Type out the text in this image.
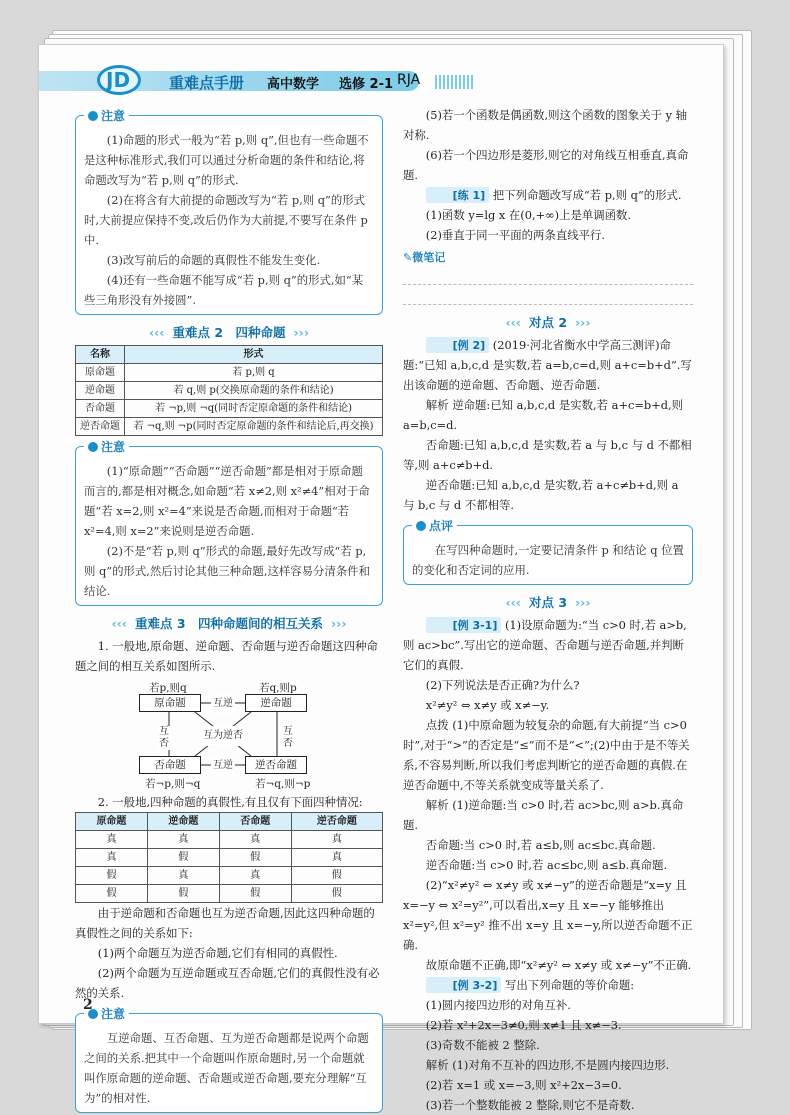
JD	重难点手册 高中数学 选修 2-1 RJA
注意

(1)命题的形式一般为“若 p,则 q”,但也有一些命题不是这种标准形式,我们可以通过分析命题的条件和结论,将命题改写为“若 p,则 q”的形式.

(2)在将含有大前提的命题改写为“若 p,则 q”的形式时,大前提应保持不变,改后仍作为大前提,不要写在条件 p 中.

(3)改写前后的命题的真假性不能发生变化.

(4)还有一些命题不能写成“若 p,则 q”的形式,如“某些三角形没有外接圆”.

‹‹‹ 重难点 2　四种命题 ›››
名称	形式
原命题	若 p,则 q
逆命题	若 q,则 p(交换原命题的条件和结论)
否命题	若 ¬p,则 ¬q(同时否定原命题的条件和结论)
逆否命题	若 ¬q,则 ¬p(同时否定原命题的条件和结论后,再交换)
注意

(1)“原命题”“否命题”“逆否命题”都是相对于原命题而言的,都是相对概念,如命题“若 x≠2,则 x²≠4”相对于命题“若 x=2,则 x²=4”来说是否命题,而相对于命题“若 x²=4,则 x=2”来说则是逆否命题.

(2)不是“若 p,则 q”形式的命题,最好先改写成“若 p,则 q”的形式,然后讨论其他三种命题,这样容易分清条件和结论.

‹‹‹ 重难点 3　四种命题间的相互关系 ›››

1. 一般地,原命题、逆命题、否命题与逆否命题这四种命题之间的相互关系如图所示.

若p,则q	若q,则p
原命题	逆命题
否命题	逆否命题
互逆
互逆
互否
互否
互为逆否
若¬p,则¬q	若¬q,则¬p

2. 一般地,四种命题的真假性,有且仅有下面四种情况:

原命题	逆命题	否命题	逆否命题
真	真	真	真
真	假	假	真
假	真	真	假
假	假	假	假

由于逆命题和否命题也互为逆否命题,因此这四种命题的真假性之间的关系如下:

(1)两个命题互为逆否命题,它们有相同的真假性.

(2)两个命题为互逆命题或互否命题,它们的真假性没有必然的关系.

注意

互逆命题、互否命题、互为逆否命题都是说两个命题之间的关系.把其中一个命题叫作原命题时,另一个命题就叫作原命题的逆命题、否命题或逆否命题,要充分理解“互为”的相对性.

(5)若一个函数是偶函数,则这个函数的图象关于 y 轴对称.

(6)若一个四边形是菱形,则它的对角线互相垂直,真命题.

[练 1] 把下列命题改写成“若 p,则 q”的形式.

(1)函数 y=lg x 在(0,+∞)上是单调函数.

(2)垂直于同一平面的两条直线平行.

✎微笔记
‹‹‹ 对点 2 ›››

[例 2] (2019·河北省衡水中学高三测评)命题:“已知 a,b,c,d 是实数,若 a=b,c=d,则 a+c=b+d”.写出该命题的逆命题、否命题、逆否命题.

解析 逆命题:已知 a,b,c,d 是实数,若 a+c=b+d,则 a=b,c=d.

否命题:已知 a,b,c,d 是实数,若 a 与 b,c 与 d 不都相等,则 a+c≠b+d.

逆否命题:已知 a,b,c,d 是实数,若 a+c≠b+d,则 a 与 b,c 与 d 不都相等.

点评

在写四种命题时,一定要记清条件 p 和结论 q 位置的变化和否定词的应用.

‹‹‹ 对点 3 ›››

[例 3-1] (1)设原命题为:“当 c>0 时,若 a>b,则 ac>bc”.写出它的逆命题、否命题与逆否命题,并判断它们的真假.

(2)下列说法是否正确?为什么?

x²≠y² ⇔ x≠y 或 x≠−y.

点拨 (1)中原命题为较复杂的命题,有大前提“当 c>0 时”,对于“>”的否定是“≤”而不是“<”;(2)中由于是不等关系,不容易判断,所以我们考虑判断它的逆否命题的真假.在逆否命题中,不等关系就变成等量关系了.

解析 (1)逆命题:当 c>0 时,若 ac>bc,则 a>b.真命题.

否命题:当 c>0 时,若 a≤b,则 ac≤bc.真命题.

逆否命题:当 c>0 时,若 ac≤bc,则 a≤b.真命题.

(2)“x²≠y² ⇔ x≠y 或 x≠−y”的逆否命题是“x=y 且 x=−y ⇔ x²=y²”,可以看出,x=y 且 x=−y 能够推出 x²=y²,但 x²=y² 推不出 x=y 且 x=−y,所以逆否命题不正确.

故原命题不正确,即“x²≠y² ⇔ x≠y 或 x≠−y”不正确.

[例 3-2] 写出下列命题的等价命题:

(1)圆内接四边形的对角互补.

(2)若 x²+2x−3≠0,则 x≠1 且 x≠−3.

(3)奇数不能被 2 整除.

解析 (1)对角不互补的四边形,不是圆内接四边形.

(2)若 x=1 或 x=−3,则 x²+2x−3=0.

(3)若一个整数能被 2 整除,则它不是奇数.

2
